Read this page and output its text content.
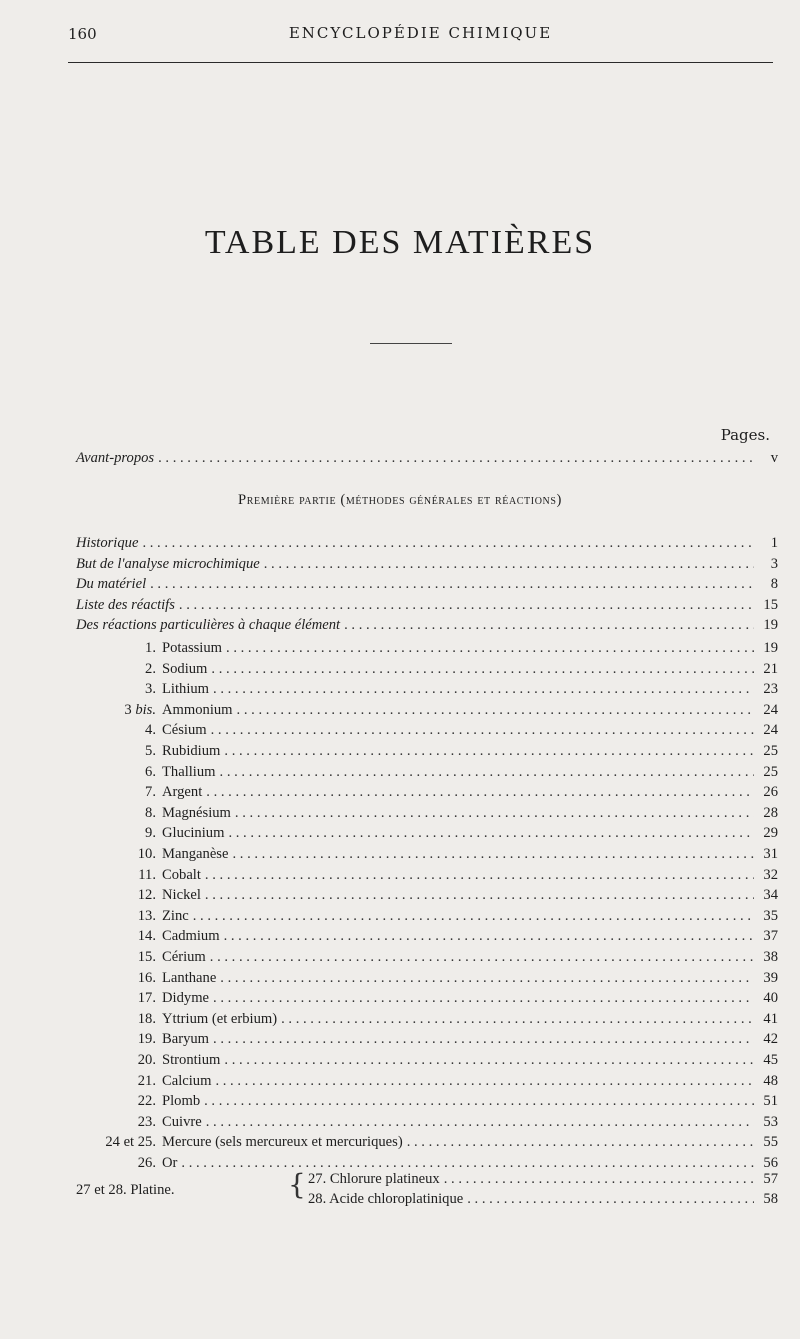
160	ENCYCLOPÉDIE CHIMIQUE
TABLE DES MATIÈRES
Pages.
Avant-propos . . .	v
Historique . . .	1
But de l'analyse microchimique . . .	3
Du matériel . . .	8
Liste des réactifs . . .	15
Des réactions particulières à chaque élément . . .	19
1. Potassium . . .	19
2. Sodium . . .	21
3. Lithium . . .	23
3 bis. Ammonium . . .	24
4. Césium . . .	24
5. Rubidium . . .	25
6. Thallium . . .	25
7. Argent . . .	26
8. Magnésium . . .	28
9. Glucinium . . .	29
10. Manganèse . . .	31
11. Cobalt . . .	32
12. Nickel . . .	34
13. Zinc . . .	35
14. Cadmium . . .	37
15. Cérium . . .	38
16. Lanthane . . .	39
17. Didyme . . .	40
18. Yttrium (et erbium) . . .	41
19. Baryum . . .	42
20. Strontium . . .	45
21. Calcium . . .	48
22. Plomb . . .	51
23. Cuivre . . .	53
24 et 25. Mercure (sels mercureux et mercuriques) . . .	55
26. Or . . .	56
Première partie (méthodes générales et réactions)
27 et 28. Platine.	{ 27. Chlorure platineux . . .	57
28. Acide chloroplatinique . . .	58
